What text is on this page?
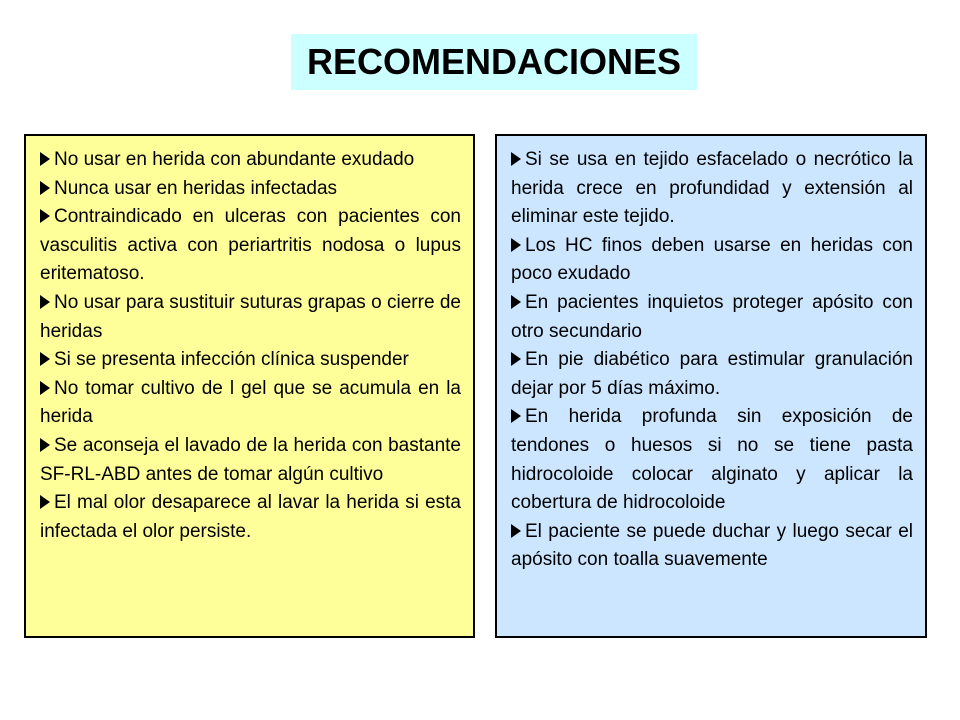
RECOMENDACIONES
No usar en herida con abundante exudado
Nunca usar en heridas infectadas
Contraindicado en ulceras con pacientes con vasculitis activa con periartritis nodosa o lupus eritematoso.
No usar para sustituir suturas grapas o cierre de heridas
Si se presenta infección clínica suspender
No tomar cultivo de l gel que se acumula en la herida
Se aconseja el lavado de la herida con bastante SF-RL-ABD antes de tomar algún cultivo
El mal olor desaparece al lavar la herida si esta infectada el olor persiste.
Si se usa en tejido esfacelado o necrótico la herida crece en profundidad y extensión al eliminar este tejido.
Los HC finos deben usarse en heridas con poco exudado
En pacientes inquietos proteger apósito con otro secundario
En pie diabético para estimular granulación dejar por 5 días máximo.
En herida profunda sin exposición de tendones o huesos si no se tiene pasta hidrocoloide colocar alginato y aplicar la cobertura de hidrocoloide
El paciente se puede duchar y luego secar el apósito con toalla suavemente
